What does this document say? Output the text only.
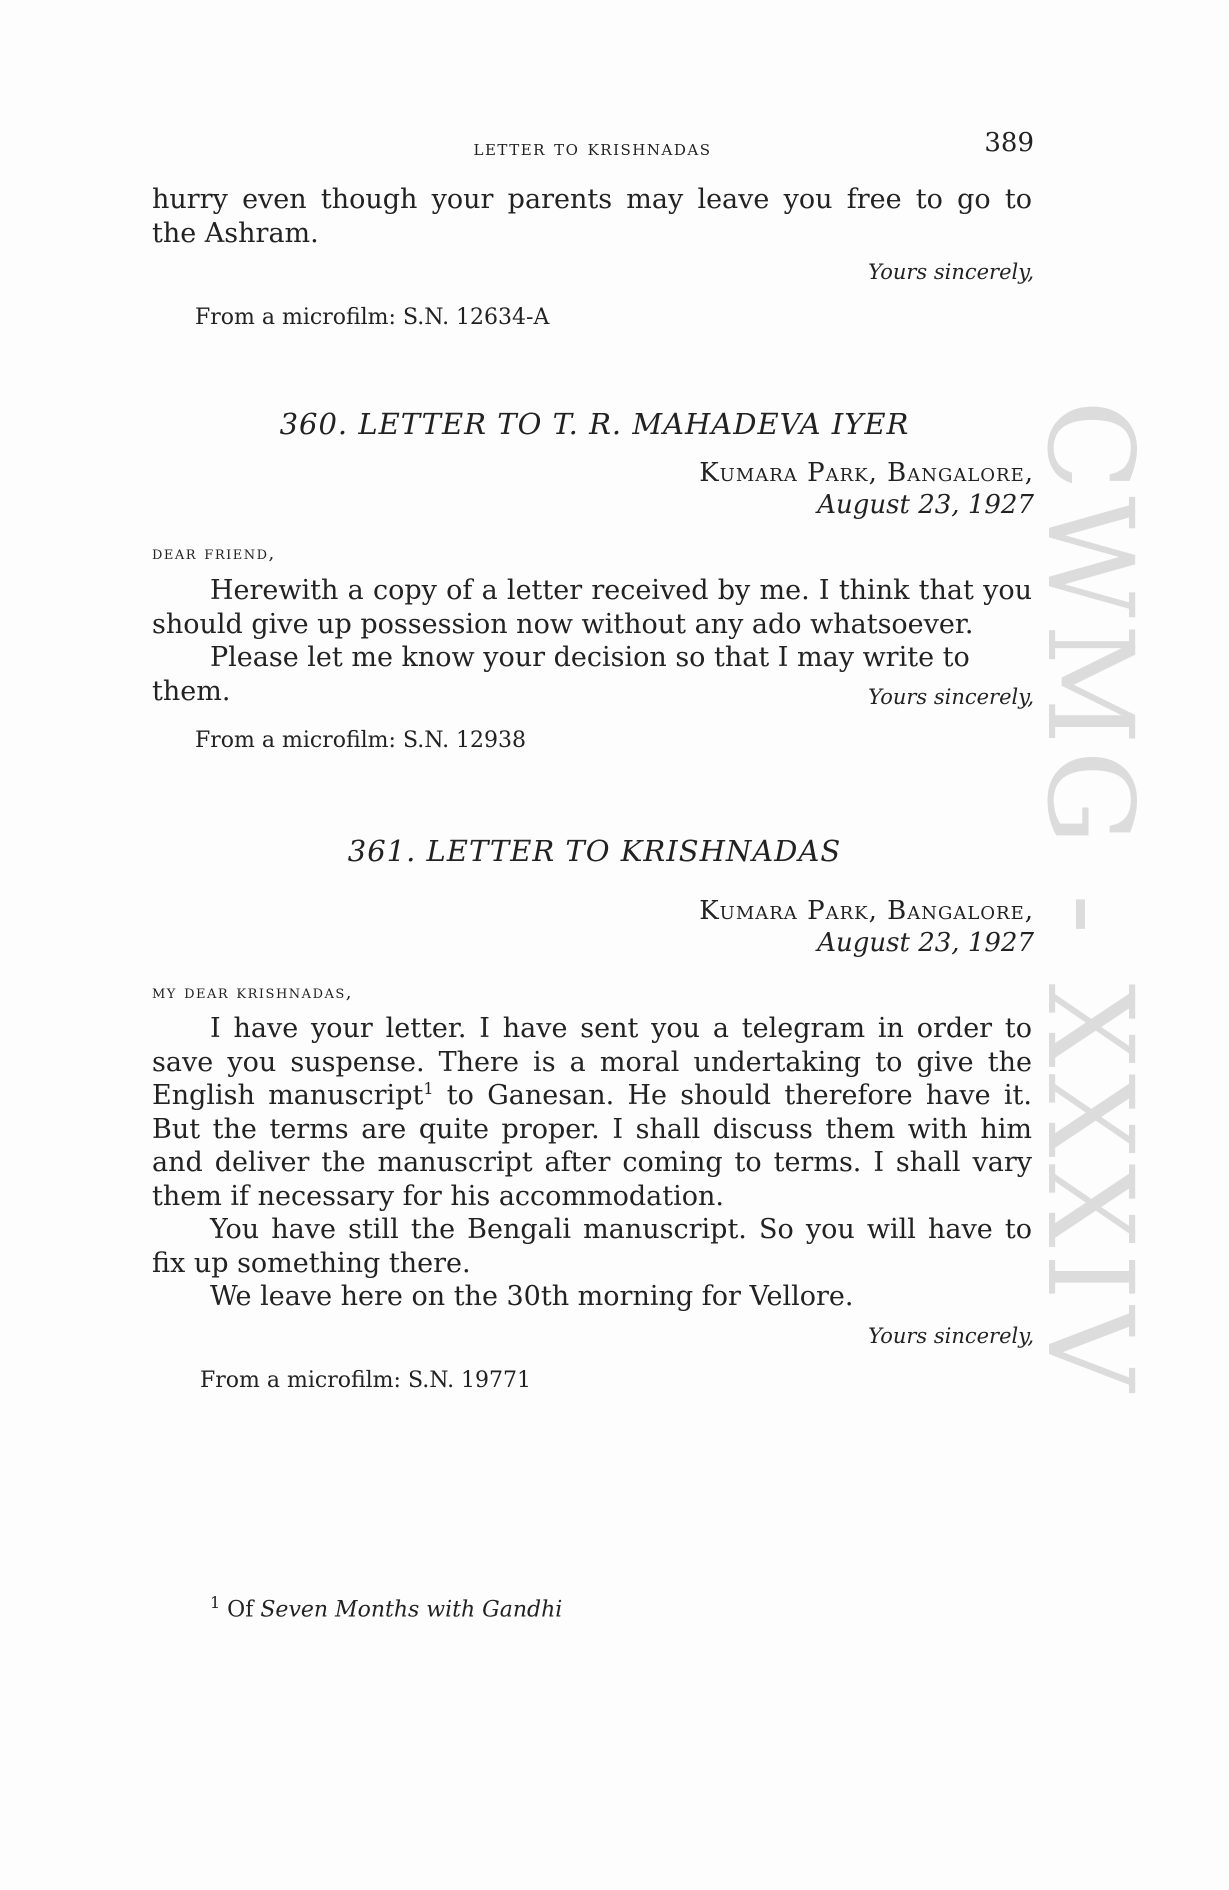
CWMG - XXXIV
letter to krishnadas	389

hurry even though your parents may leave you free to go to

the Ashram.

Yours sincerely,
From a microfilm: S.N. 12634-A
360. LETTER TO T. R. MAHADEVA IYER
Kumara Park, Bangalore,
August 23, 1927
dear friend,

Herewith a copy of a letter received by me. I think that you

should give up possession now without any ado whatsoever.

Please let me know your decision so that I may write to them.	Yours sincerely,
From a microfilm: S.N. 12938
361. LETTER TO KRISHNADAS
Kumara Park, Bangalore,
August 23, 1927
my dear krishnadas,

I have your letter. I have sent you a telegram in order to

save you suspense. There is a moral undertaking to give the

English manuscript$^1$ to Ganesan. He should therefore have it.

But the terms are quite proper. I shall discuss them with him

and deliver the manuscript after coming to terms. I shall vary

them if necessary for his accommodation.

You have still the Bengali manuscript. So you will have to

fix up something there.

We leave here on the 30th morning for Vellore.

Yours sincerely,
From a microfilm: S.N. 19771
$^1$ Of Seven Months with Gandhi
